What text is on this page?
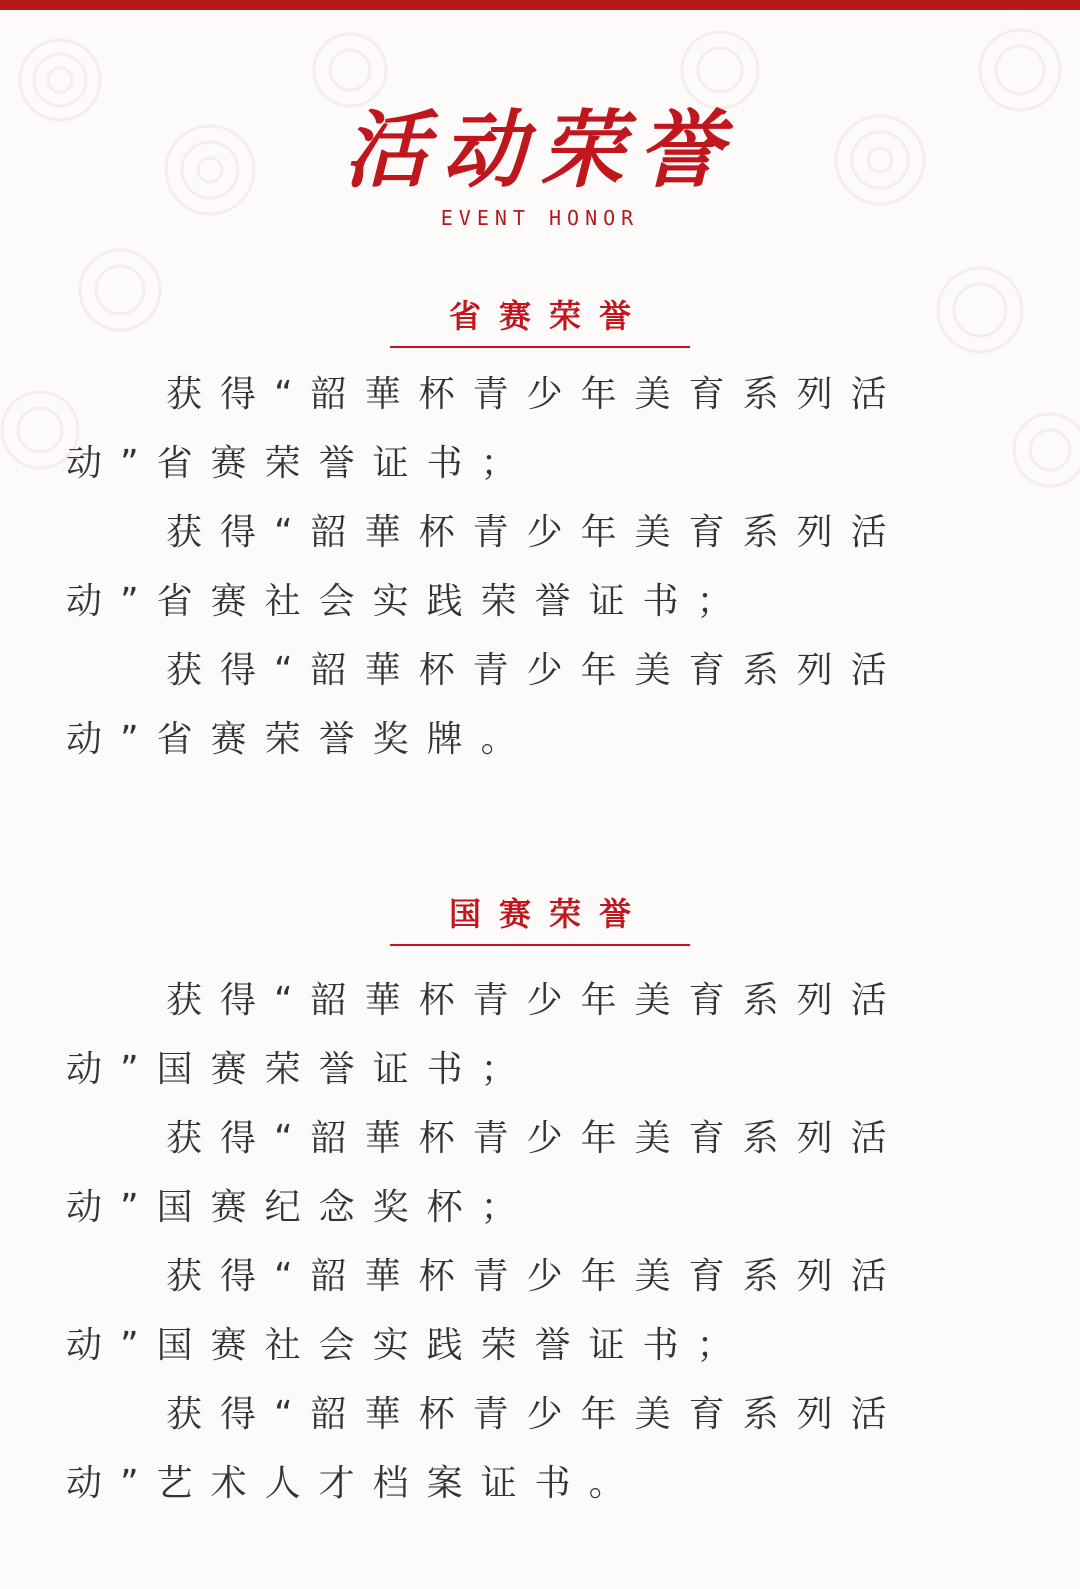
活动荣誉
EVENT HONOR
省赛荣誉

获得“韶華杯青少年美育系列活动”省赛荣誉证书；

获得“韶華杯青少年美育系列活动”省赛社会实践荣誉证书；

获得“韶華杯青少年美育系列活动”省赛荣誉奖牌。

国赛荣誉

获得“韶華杯青少年美育系列活动”国赛荣誉证书；

获得“韶華杯青少年美育系列活动”国赛纪念奖杯；

获得“韶華杯青少年美育系列活动”国赛社会实践荣誉证书；

获得“韶華杯青少年美育系列活动”艺术人才档案证书。
